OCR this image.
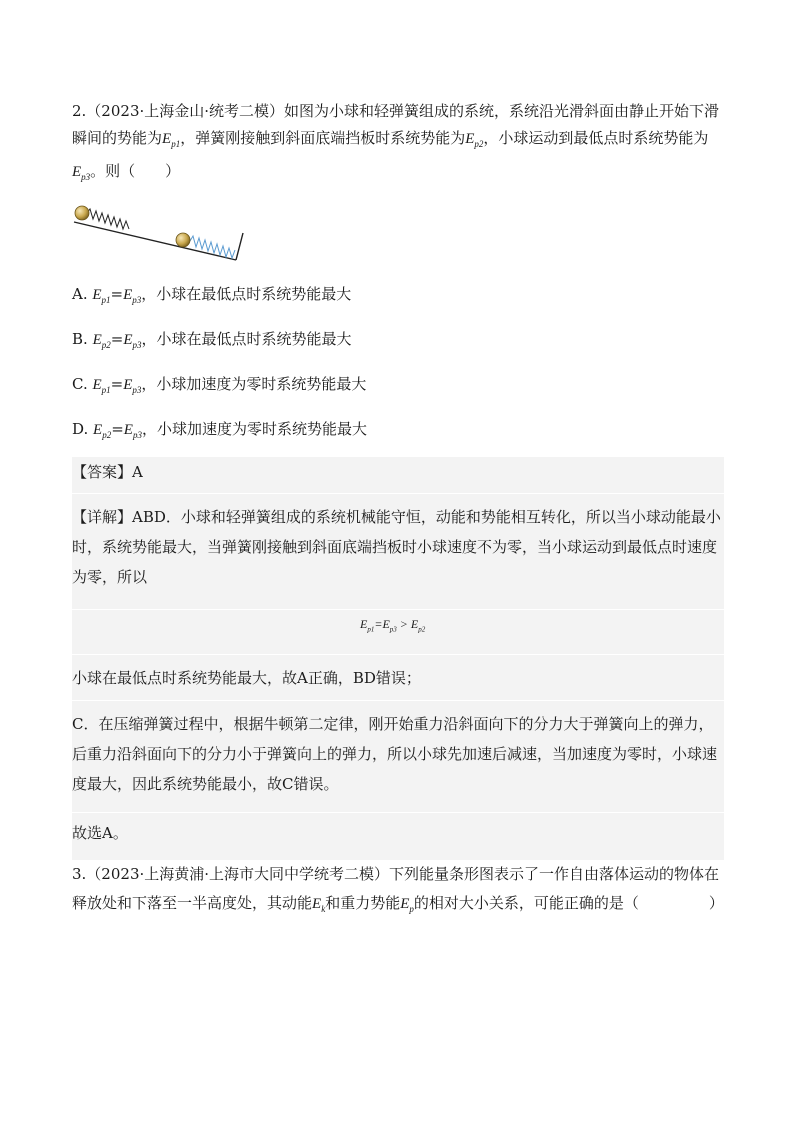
2.（2023·上海金山·统考二模）如图为小球和轻弹簧组成的系统，系统沿光滑斜面由静止开始下滑瞬间的势能为$E_{p1}$，弹簧刚接触到斜面底端挡板时系统势能为$E_{p2}$，小球运动到最低点时系统势能为$E_{p3}$。则（　　）
A. $E_{p1}=E_{p3}$，小球在最低点时系统势能最大
B. $E_{p2}=E_{p3}$，小球在最低点时系统势能最大
C. $E_{p1}=E_{p3}$，小球加速度为零时系统势能最大
D. $E_{p2}=E_{p3}$，小球加速度为零时系统势能最大
【答案】A
【详解】ABD．小球和轻弹簧组成的系统机械能守恒，动能和势能相互转化，所以当小球动能最小时，系统势能最大，当弹簧刚接触到斜面底端挡板时小球速度不为零，当小球运动到最低点时速度为零，所以
$E_{p1}=E_{p3} > E_{p2}$
小球在最低点时系统势能最大，故A正确，BD错误；
C．在压缩弹簧过程中，根据牛顿第二定律，刚开始重力沿斜面向下的分力大于弹簧向上的弹力，后重力沿斜面向下的分力小于弹簧向上的弹力，所以小球先加速后减速，当加速度为零时，小球速度最大，因此系统势能最小，故C错误。
故选A。
3.（2023·上海黄浦·上海市大同中学统考二模）下列能量条形图表示了一作自由落体运动的物体在释放处和下落至一半高度处，其动能$E_k$和重力势能$E_p$的相对大小关系，可能正确的是（	）
